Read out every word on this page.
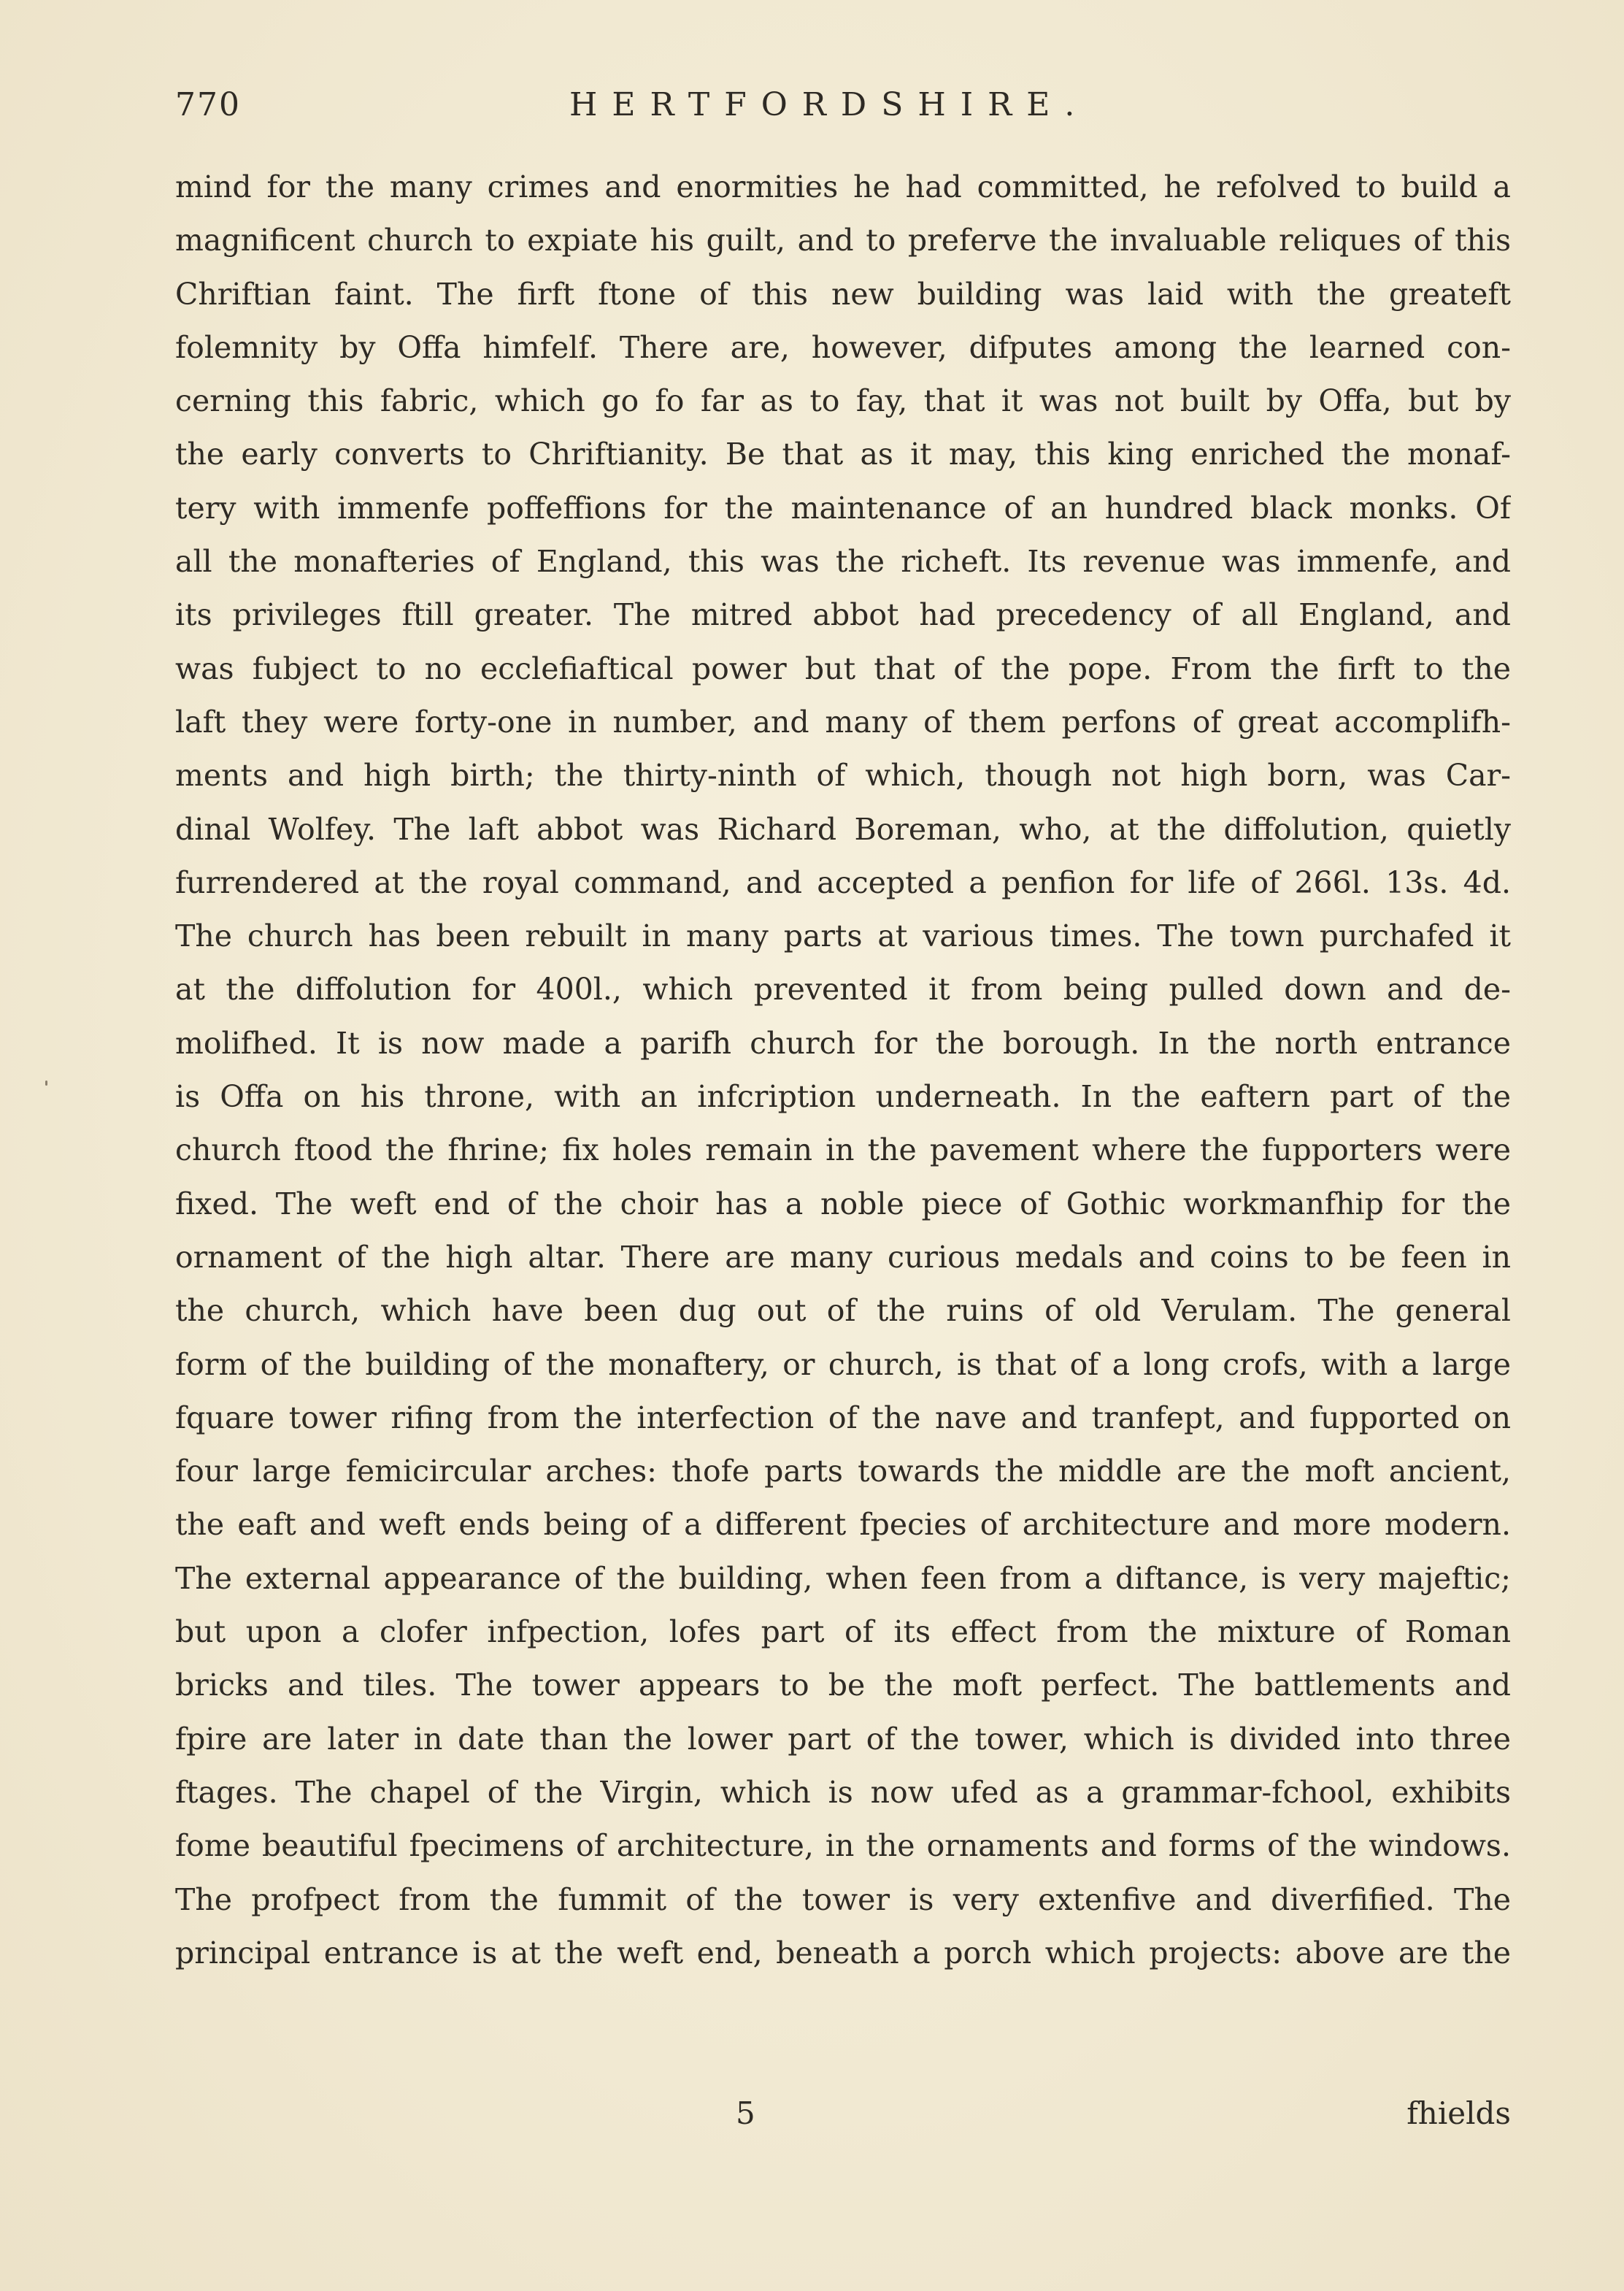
770	HERTFORDSHIRE.
mind for the many crimes and enormities he had committed, he refolved to build a
magnificent church to expiate his guilt, and to preferve the invaluable reliques of this
Chriftian faint. The firft ftone of this new building was laid with the greateft
folemnity by Offa himfelf. There are, however, difputes among the learned con-
cerning this fabric, which go fo far as to fay, that it was not built by Offa, but by
the early converts to Chriftianity. Be that as it may, this king enriched the monaf-
tery with immenfe poffeffions for the maintenance of an hundred black monks. Of
all the monafteries of England, this was the richeft. Its revenue was immenfe, and
its privileges ftill greater. The mitred abbot had precedency of all England, and
was fubject to no ecclefiaftical power but that of the pope. From the firft to the
laft they were forty-one in number, and many of them perfons of great accomplifh-
ments and high birth; the thirty-ninth of which, though not high born, was Car-
dinal Wolfey. The laft abbot was Richard Boreman, who, at the diffolution, quietly
furrendered at the royal command, and accepted a penfion for life of 266l. 13s. 4d.
The church has been rebuilt in many parts at various times. The town purchafed it
at the diffolution for 400l., which prevented it from being pulled down and de-
molifhed. It is now made a parifh church for the borough. In the north entrance
is Offa on his throne, with an infcription underneath. In the eaftern part of the
church ftood the fhrine; fix holes remain in the pavement where the fupporters were
fixed. The weft end of the choir has a noble piece of Gothic workmanfhip for the
ornament of the high altar. There are many curious medals and coins to be feen in
the church, which have been dug out of the ruins of old Verulam. The general
form of the building of the monaftery, or church, is that of a long crofs, with a large
fquare tower rifing from the interfection of the nave and tranfept, and fupported on
four large femicircular arches: thofe parts towards the middle are the moft ancient,
the eaft and weft ends being of a different fpecies of architecture and more modern.
The external appearance of the building, when feen from a diftance, is very majeftic;
but upon a clofer infpection, lofes part of its effect from the mixture of Roman
bricks and tiles. The tower appears to be the moft perfect. The battlements and
fpire are later in date than the lower part of the tower, which is divided into three
ftages. The chapel of the Virgin, which is now ufed as a grammar-fchool, exhibits
fome beautiful fpecimens of architecture, in the ornaments and forms of the windows.
The profpect from the fummit of the tower is very extenfive and diverfified. The
principal entrance is at the weft end, beneath a porch which projects: above are the
5	fhields
